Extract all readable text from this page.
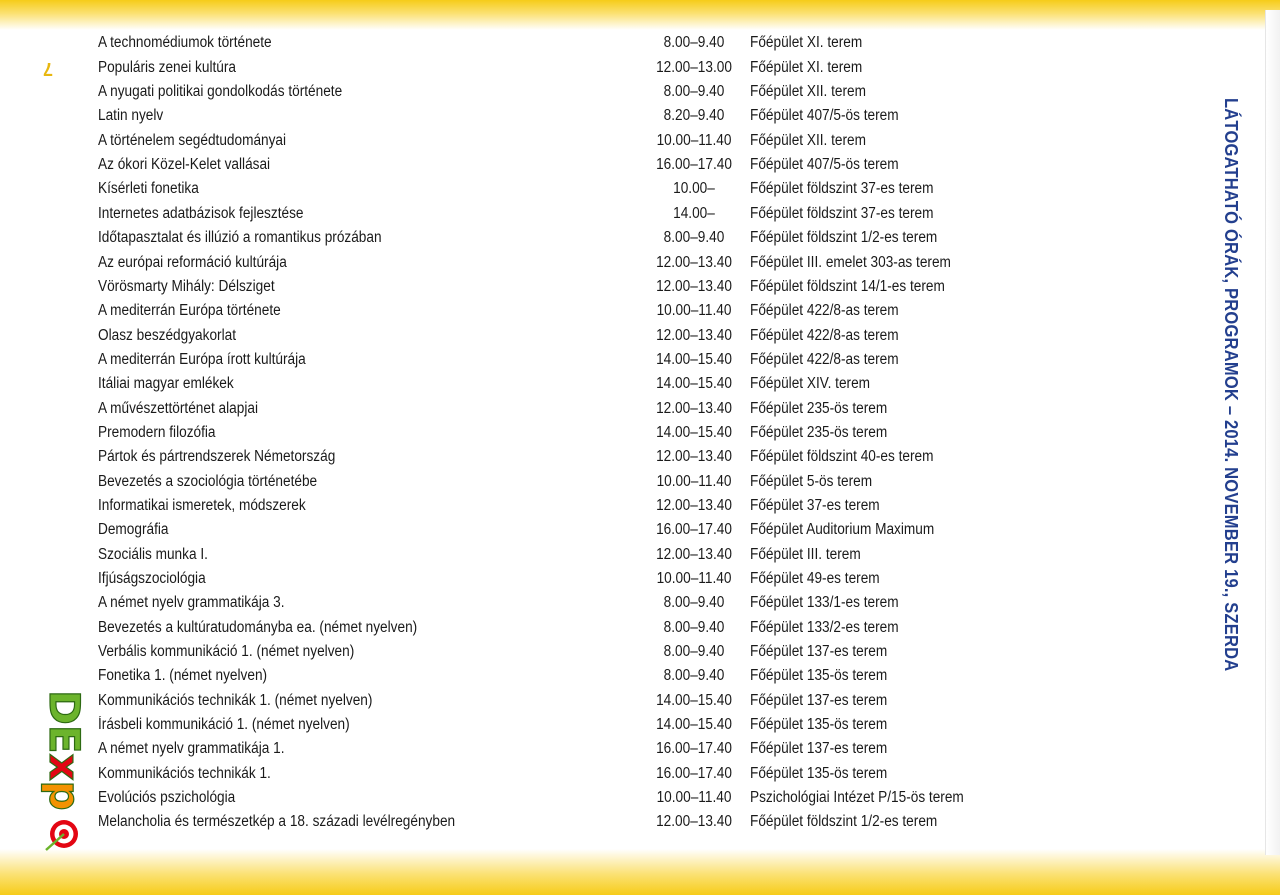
7
LÁTOGATHATÓ ÓRÁK, PROGRAMOK – 2014. NOVEMBER 19., SZERDA
A technomédiumok története	8.00–9.40	Főépület XI. terem
Populáris zenei kultúra	12.00–13.00	Főépület XI. terem
A nyugati politikai gondolkodás története	8.00–9.40	Főépület XII. terem
Latin nyelv	8.20–9.40	Főépület 407/5-ös terem
A történelem segédtudományai	10.00–11.40	Főépület XII. terem
Az ókori Közel-Kelet vallásai	16.00–17.40	Főépület 407/5-ös terem
Kísérleti fonetika	10.00–	Főépület földszint 37-es terem
Internetes adatbázisok fejlesztése	14.00–	Főépület földszint 37-es terem
Időtapasztalat és illúzió a romantikus prózában	8.00–9.40	Főépület földszint 1/2-es terem
Az európai reformáció kultúrája	12.00–13.40	Főépület III. emelet 303-as terem
Vörösmarty Mihály: Délsziget	12.00–13.40	Főépület földszint 14/1-es terem
A mediterrán Európa története	10.00–11.40	Főépület 422/8-as terem
Olasz beszédgyakorlat	12.00–13.40	Főépület 422/8-as terem
A mediterrán Európa írott kultúrája	14.00–15.40	Főépület 422/8-as terem
Itáliai magyar emlékek	14.00–15.40	Főépület XIV. terem
A művészettörténet alapjai	12.00–13.40	Főépület 235-ös terem
Premodern filozófia	14.00–15.40	Főépület 235-ös terem
Pártok és pártrendszerek Németország	12.00–13.40	Főépület földszint 40-es terem
Bevezetés a szociológia történetébe	10.00–11.40	Főépület 5-ös terem
Informatikai ismeretek, módszerek	12.00–13.40	Főépület 37-es terem
Demográfia	16.00–17.40	Főépület Auditorium Maximum
Szociális munka I.	12.00–13.40	Főépület III. terem
Ifjúságszociológia	10.00–11.40	Főépület 49-es terem
A német nyelv grammatikája 3.	8.00–9.40	Főépület 133/1-es terem
Bevezetés a kultúratudományba ea. (német nyelven)	8.00–9.40	Főépület 133/2-es terem
Verbális kommunikáció 1. (német nyelven)	8.00–9.40	Főépület 137-es terem
Fonetika 1. (német nyelven)	8.00–9.40	Főépület 135-ös terem
Kommunikációs technikák 1. (német nyelven)	14.00–15.40	Főépület 137-es terem
Írásbeli kommunikáció 1. (német nyelven)	14.00–15.40	Főépület 135-ös terem
A német nyelv grammatikája 1.	16.00–17.40	Főépület 137-es terem
Kommunikációs technikák 1.	16.00–17.40	Főépület 135-ös terem
Evolúciós pszichológia	10.00–11.40	Pszichológiai Intézet P/15-ös terem
Melancholia és természetkép a 18. századi levélregényben	12.00–13.40	Főépület földszint 1/2-es terem
DExp
